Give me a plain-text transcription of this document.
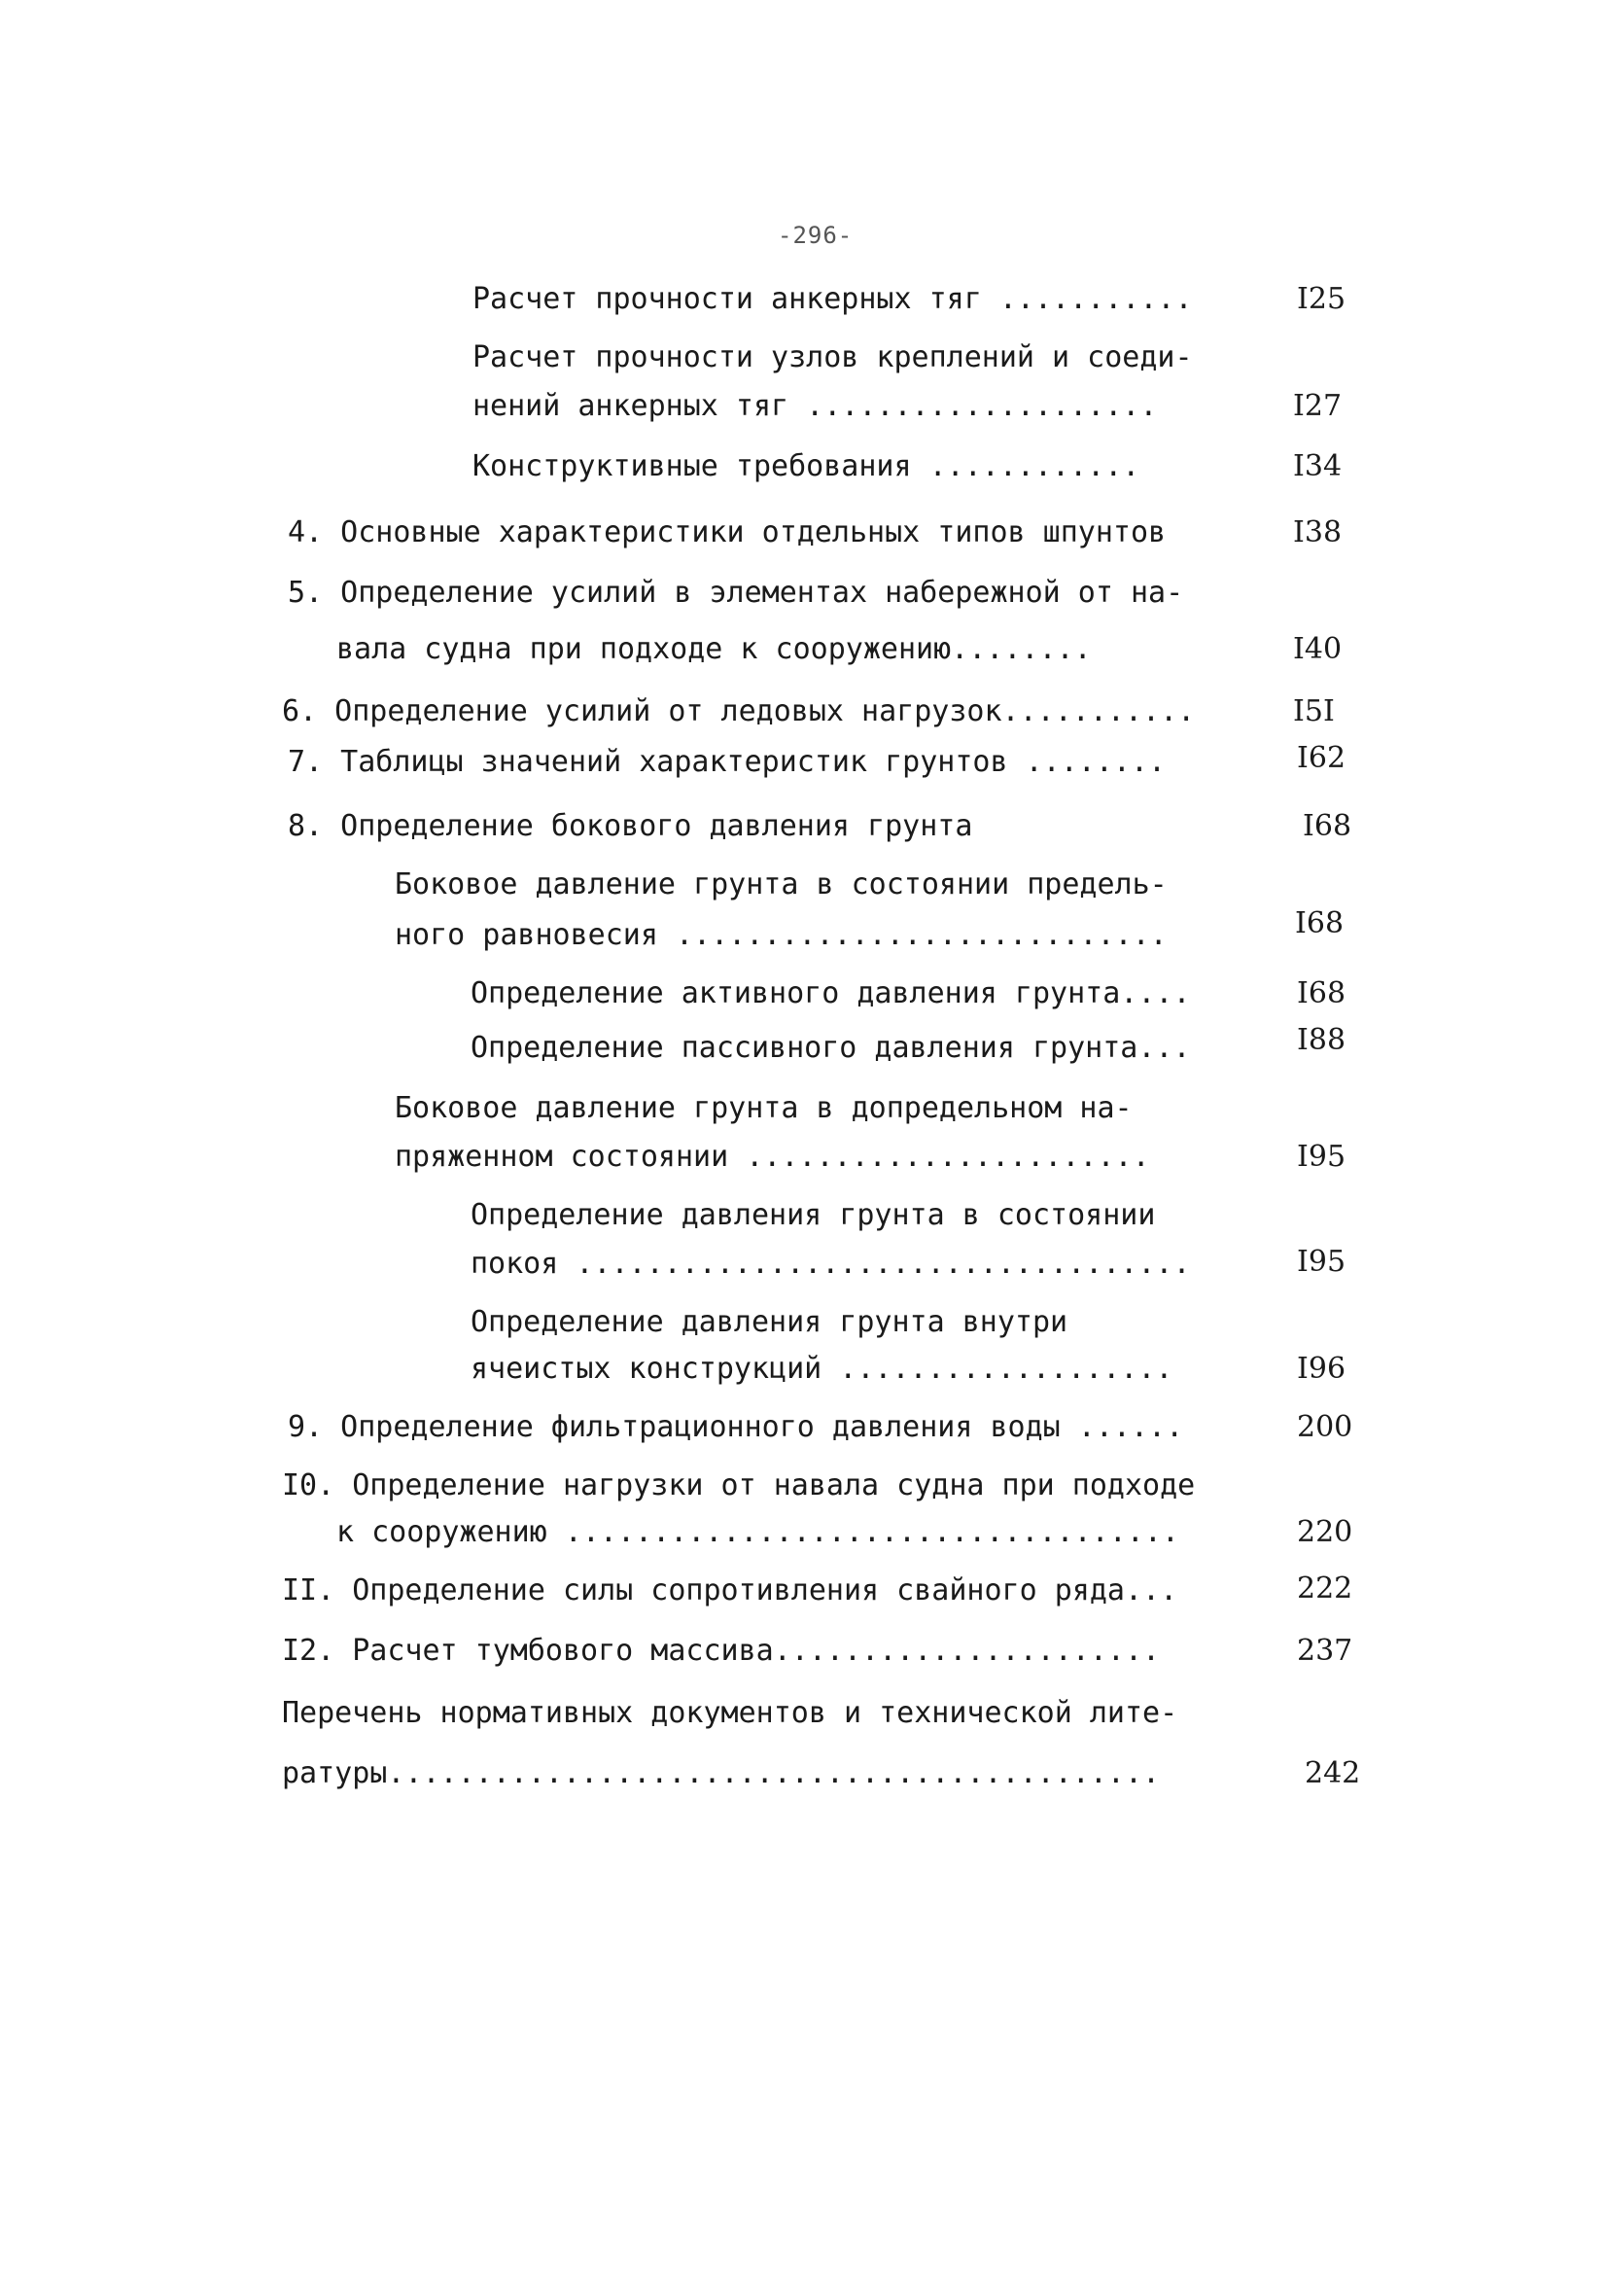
-296-
Расчет прочности анкерных тяг ...........	I25
Расчет прочности узлов креплений и соеди-
нений анкерных тяг ....................	I27
Конструктивные требования ............	I34
4. Основные характеристики отдельных типов шпунтов	I38
5. Определение усилий в элементах набережной от на-
вала судна при подходе к сооружению........	I40
6. Определение усилий от ледовых нагрузок...........	I5I
7. Таблицы значений характеристик грунтов ........	I62
8. Определение бокового давления грунта	I68
Боковое давление грунта в состоянии предель-
ного равновесия ............................	I68
Определение активного давления грунта....	I68
Определение пассивного давления грунта...	I88
Боковое давление грунта в допредельном на-
пряженном состоянии .......................	I95
Определение давления грунта в состоянии
покоя ...................................	I95
Определение давления грунта внутри
ячеистых конструкций ...................	I96
9. Определение фильтрационного давления воды ......	200
I0. Определение нагрузки от навала судна при подходе
к сооружению ...................................	220
II. Определение силы сопротивления свайного ряда...	222
I2. Расчет тумбового массива......................	237
Перечень нормативных документов и технической лите-
ратуры............................................	242
